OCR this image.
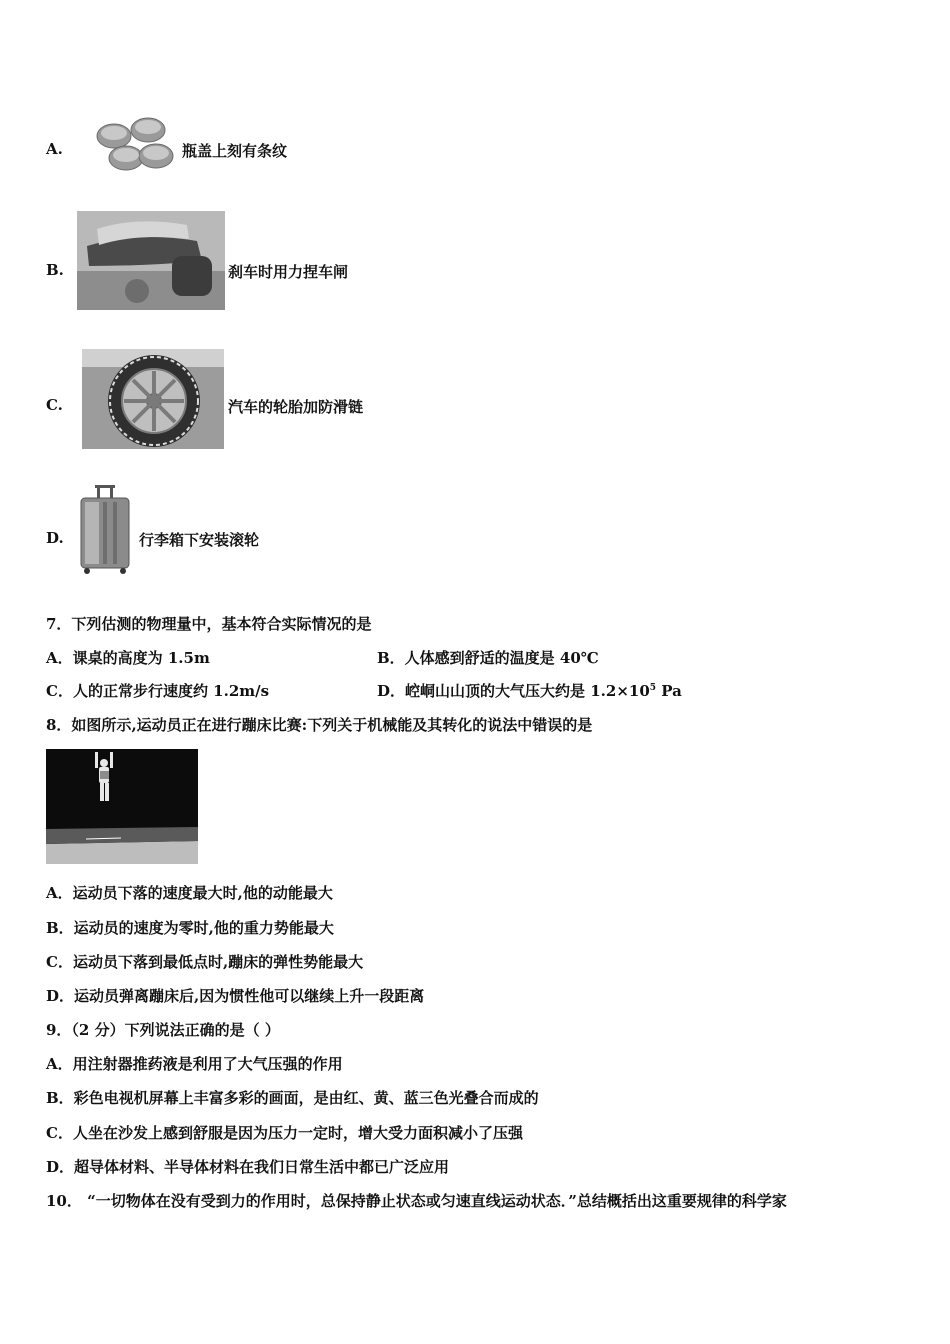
A.	瓶盖上刻有条纹
B.	刹车时用力捏车闸
C.	汽车的轮胎加防滑链
D.	行李箱下安装滚轮
7．下列估测的物理量中，基本符合实际情况的是
A．课桌的高度为 1.5m	B．人体感到舒适的温度是 40℃
C．人的正常步行速度约 1.2m/s	D．崆峒山山顶的大气压大约是 $1.2\times 10^5$ Pa
8．如图所示,运动员正在进行蹦床比赛:下列关于机械能及其转化的说法中错误的是
A．运动员下落的速度最大时,他的动能最大
B．运动员的速度为零时,他的重力势能最大
C．运动员下落到最低点时,蹦床的弹性势能最大
D．运动员弹离蹦床后,因为惯性他可以继续上升一段距离
9．（2 分）下列说法正确的是（ ）
A．用注射器推药液是利用了大气压强的作用
B．彩色电视机屏幕上丰富多彩的画面，是由红、黄、蓝三色光叠合而成的
C．人坐在沙发上感到舒服是因为压力一定时，增大受力面积减小了压强
D．超导体材料、半导体材料在我们日常生活中都已广泛应用
10． “一切物体在没有受到力的作用时，总保持静止状态或匀速直线运动状态．”总结概括出这重要规律的科学家
